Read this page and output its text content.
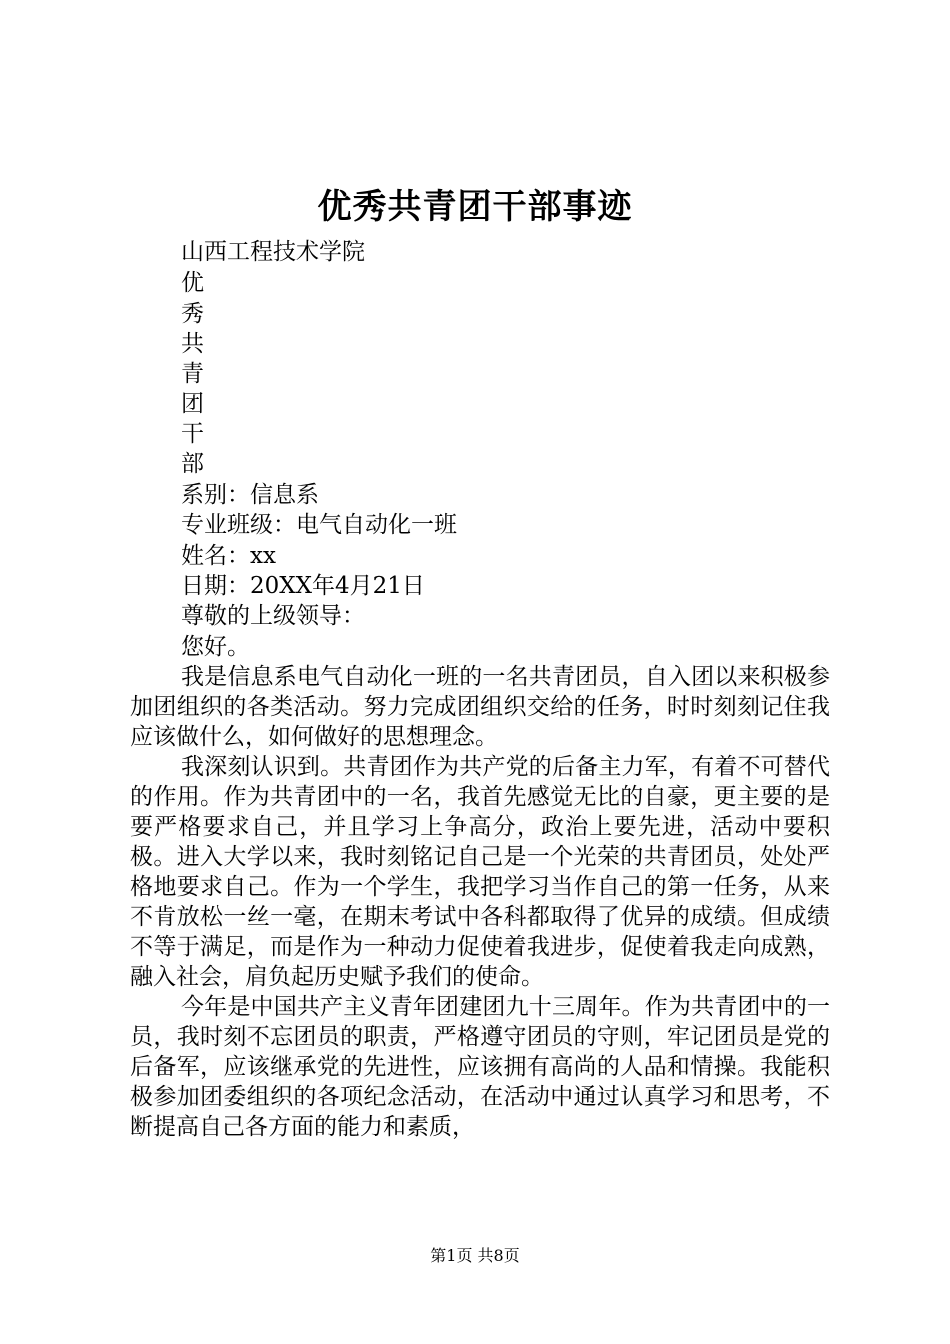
优秀共青团干部事迹
山西工程技术学院
优
秀
共
青
团
干
部
系别：信息系
专业班级：电气自动化一班
姓名：xx
日期：20XX年4月21日
尊敬的上级领导：
您好。

我是信息系电气自动化一班的一名共青团员，自入团以来积极参加团组织的各类活动。努力完成团组织交给的任务，时时刻刻记住我应该做什么，如何做好的思想理念。

我深刻认识到。共青团作为共产党的后备主力军，有着不可替代的作用。作为共青团中的一名，我首先感觉无比的自豪，更主要的是要严格要求自己，并且学习上争高分，政治上要先进，活动中要积极。进入大学以来，我时刻铭记自己是一个光荣的共青团员，处处严格地要求自己。作为一个学生，我把学习当作自己的第一任务，从来不肯放松一丝一毫，在期末考试中各科都取得了优异的成绩。但成绩不等于满足，而是作为一种动力促使着我进步，促使着我走向成熟，融入社会，肩负起历史赋予我们的使命。

今年是中国共产主义青年团建团九十三周年。作为共青团中的一员，我时刻不忘团员的职责，严格遵守团员的守则，牢记团员是党的后备军，应该继承党的先进性，应该拥有高尚的人品和情操。我能积极参加团委组织的各项纪念活动，在活动中通过认真学习和思考，不断提高自己各方面的能力和素质，

第1页 共8页
